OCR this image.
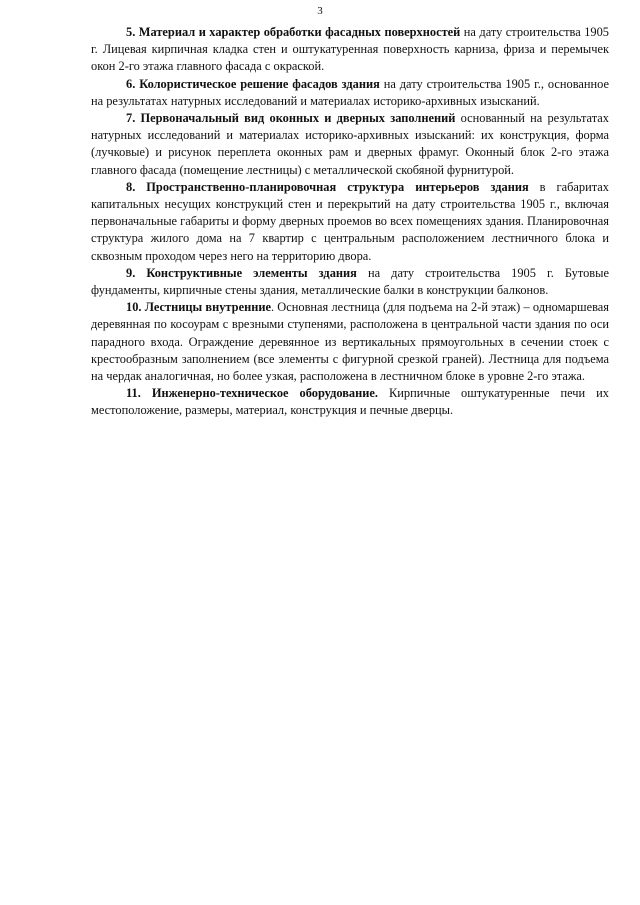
3

5. Материал и характер обработки фасадных поверхностей на дату строительства 1905 г. Лицевая кирпичная кладка стен и оштукатуренная поверхность карниза, фриза и перемычек окон 2-го этажа главного фасада с окраской.

6. Колористическое решение фасадов здания на дату строительства 1905 г., основанное на результатах натурных исследований и материалах историко-архивных изысканий.

7. Первоначальный вид оконных и дверных заполнений основанный на результатах натурных исследований и материалах историко-архивных изысканий: их конструкция, форма (лучковые) и рисунок переплета оконных рам и дверных фрамуг. Оконный блок 2-го этажа главного фасада (помещение лестницы) с металлической скобяной фурнитурой.

8. Пространственно-планировочная структура интерьеров здания в габаритах капитальных несущих конструкций стен и перекрытий на дату строительства 1905 г., включая первоначальные габариты и форму дверных проемов во всех помещениях здания. Планировочная структура жилого дома на 7 квартир с центральным расположением лестничного блока и сквозным проходом через него на территорию двора.

9. Конструктивные элементы здания на дату строительства 1905 г. Бутовые фундаменты, кирпичные стены здания, металлические балки в конструкции балконов.

10. Лестницы внутренние. Основная лестница (для подъема на 2-й этаж) – одномаршевая деревянная по косоурам с врезными ступенями, расположена в центральной части здания по оси парадного входа. Ограждение деревянное из вертикальных прямоугольных в сечении стоек с крестообразным заполнением (все элементы с фигурной срезкой граней). Лестница для подъема на чердак аналогичная, но более узкая, расположена в лестничном блоке в уровне 2-го этажа.

11. Инженерно-техническое оборудование. Кирпичные оштукатуренные печи их местоположение, размеры, материал, конструкция и печные дверцы.
